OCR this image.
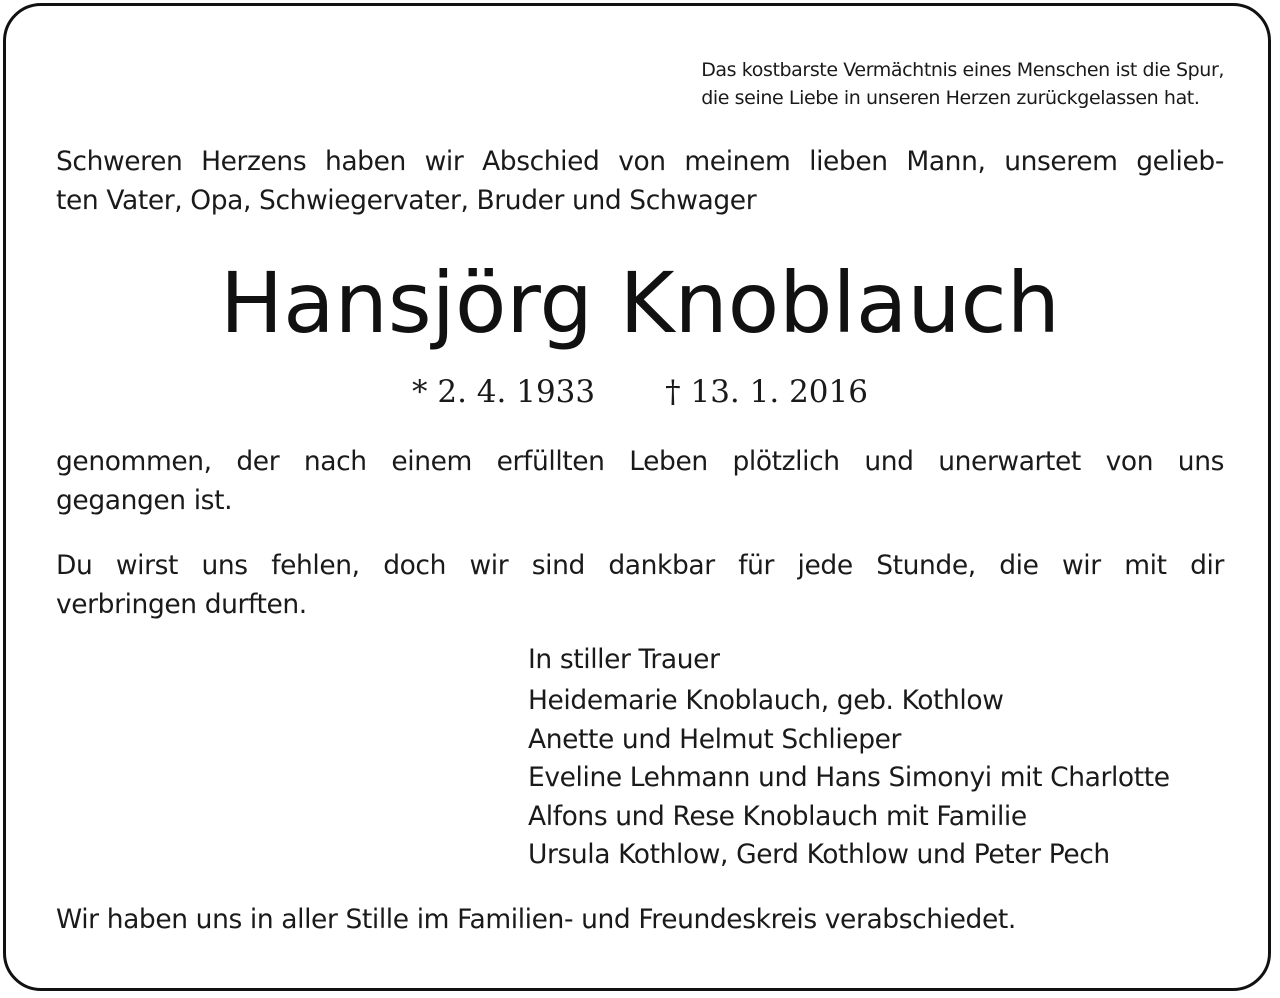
Das kostbarste Vermächtnis eines Menschen ist die Spur,
die seine Liebe in unseren Herzen zurückgelassen hat.
Schweren Herzens haben wir Abschied von meinem lieben Mann, unserem gelieb-
ten Vater, Opa, Schwiegervater, Bruder und Schwager
Hansjörg Knoblauch
* 2. 4. 1933 † 13. 1. 2016
genommen, der nach einem erfüllten Leben plötzlich und unerwartet von uns
gegangen ist.
Du wirst uns fehlen, doch wir sind dankbar für jede Stunde, die wir mit dir
verbringen durften.
In stiller Trauer
Heidemarie Knoblauch, geb. Kothlow
Anette und Helmut Schlieper
Eveline Lehmann und Hans Simonyi mit Charlotte
Alfons und Rese Knoblauch mit Familie
Ursula Kothlow, Gerd Kothlow und Peter Pech
Wir haben uns in aller Stille im Familien- und Freundeskreis verabschiedet.
